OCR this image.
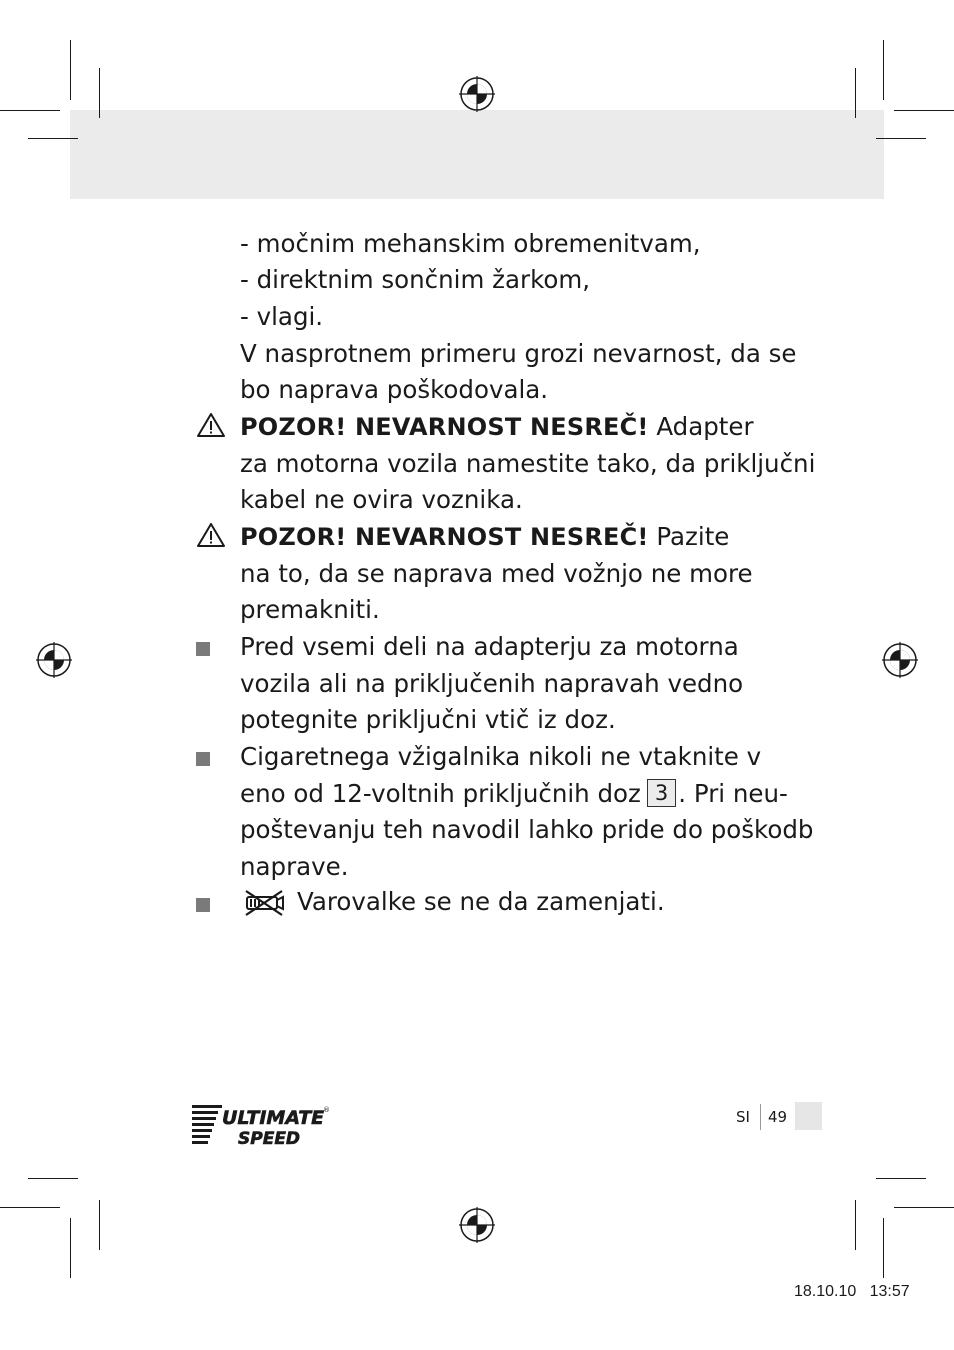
- močnim mehanskim obremenitvam,
- direktnim sončnim žarkom,
- vlagi.
V nasprotnem primeru grozi nevarnost, da se
bo naprava poškodovala.
POZOR! NEVARNOST NESREČ! Adapter
za motorna vozila namestite tako, da priključni
kabel ne ovira voznika.
POZOR! NEVARNOST NESREČ! Pazite
na to, da se naprava med vožnjo ne more
premakniti.
Pred vsemi deli na adapterju za motorna
vozila ali na priključenih napravah vedno
potegnite priključni vtič iz doz.
Cigaretnega vžigalnika nikoli ne vtaknite v
eno od 12-voltnih priključnih doz 3 . Pri neu-
poštevanju teh navodil lahko pride do poškodb
naprave.
Varovalke se ne da zamenjati.
ULTIMATE
SPEED
®	SI 49
18.10.10   13:57
